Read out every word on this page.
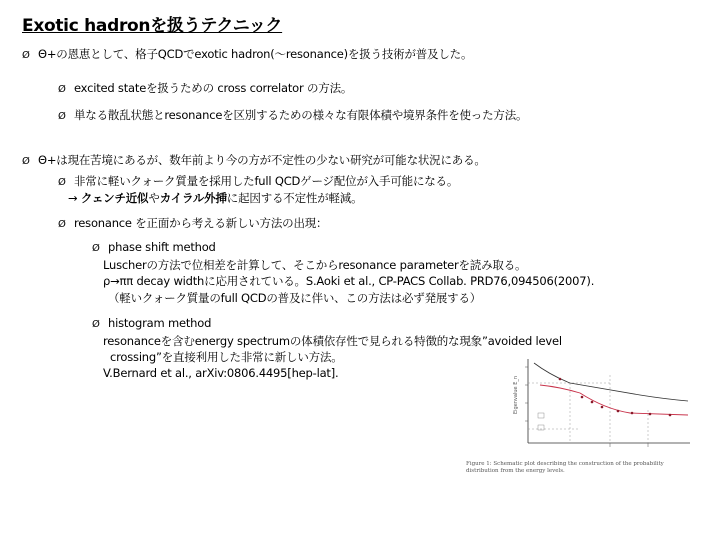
Exotic hadronを扱うテクニック
Ø Θ+の恩恵として、格子QCDでexotic hadron(～resonance)を扱う技術が普及した。
Ø excited stateを扱うための cross correlator の方法。
Ø 単なる散乱状態とresonanceを区別するための様々な有限体積や境界条件を使った方法。
Ø Θ+は現在苦境にあるが、数年前より今の方が不定性の少ない研究が可能な状況にある。
Ø 非常に軽いクォーク質量を採用したfull QCDゲージ配位が入手可能になる。
→ クェンチ近似やカイラル外挿に起因する不定性が軽減。
Ø resonance を正面から考える新しい方法の出現：
Ø phase shift method
Luscherの方法で位相差を計算して、そこからresonance parameterを読み取る。
ρ→ππ decay widthに応用されている。S.Aoki et al., CP-PACS Collab. PRD76,094506(2007).
（軽いクォーク質量のfull QCDの普及に伴い、この方法は必ず発展する）
Ø histogram method
resonanceを含むenergy spectrumの体積依存性で見られる特徴的な現象”avoided level
crossing”を直接利用した非常に新しい方法。
V.Bernard et al., arXiv:0806.4495[hep-lat].
Eigenvalue E_n
Figure 1: Schematic plot describing the construction of the probability distribution from the energy levels.
